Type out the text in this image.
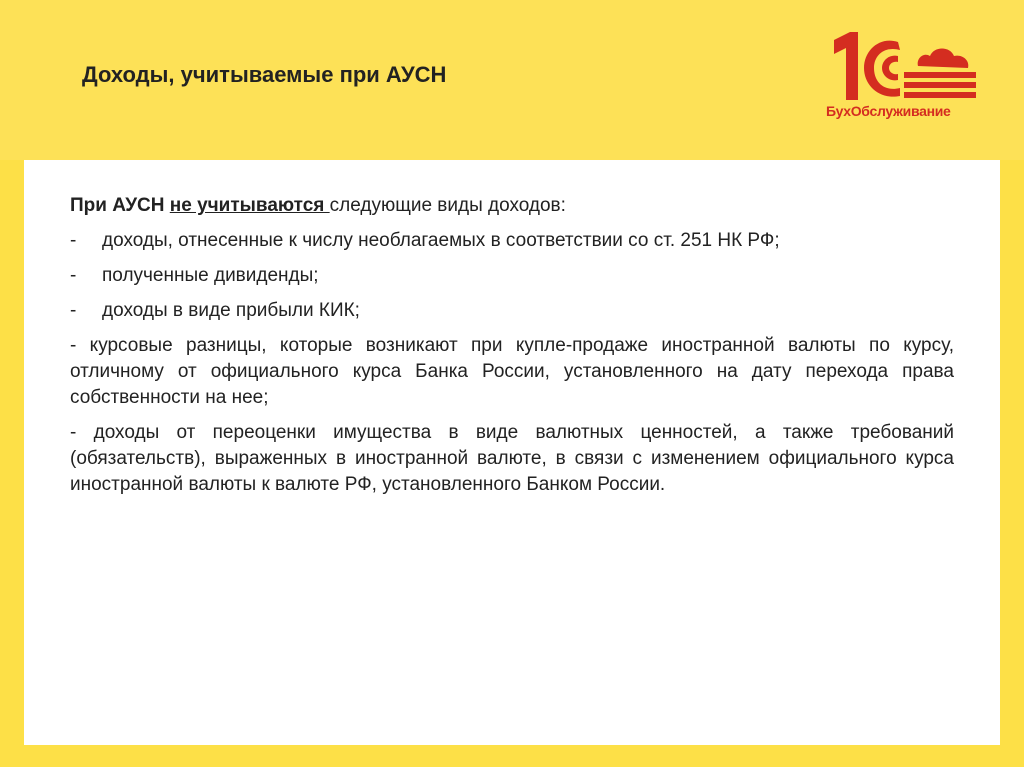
Доходы, учитываемые при АУСН
БухОбслуживание

При АУСН не учитываются следующие виды доходов:

-	доходы, отнесенные к числу необлагаемых в соответствии со ст. 251 НК РФ;
-	полученные дивиденды;
-	доходы в виде прибыли КИК;

- курсовые разницы, которые возникают при купле-продаже иностранной валюты по курсу, отличному от официального курса Банка России, установленного на дату перехода права собственности на нее;

- доходы от переоценки имущества в виде валютных ценностей, а также требований (обязательств), выраженных в иностранной валюте, в связи с изменением официального курса иностранной валюты к валюте РФ, установленного Банком России.
